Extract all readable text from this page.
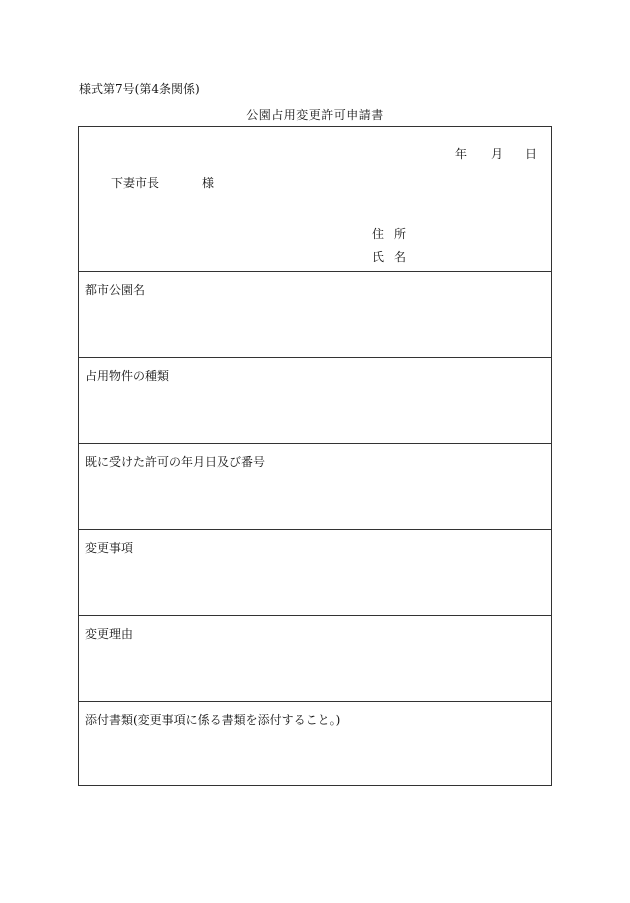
様式第7号(第4条関係)
公園占用変更許可申請書
年 月 日
下妻市長	様
住所
氏名
都市公園名
占用物件の種類
既に受けた許可の年月日及び番号
変更事項
変更理由
添付書類(変更事項に係る書類を添付すること。)
